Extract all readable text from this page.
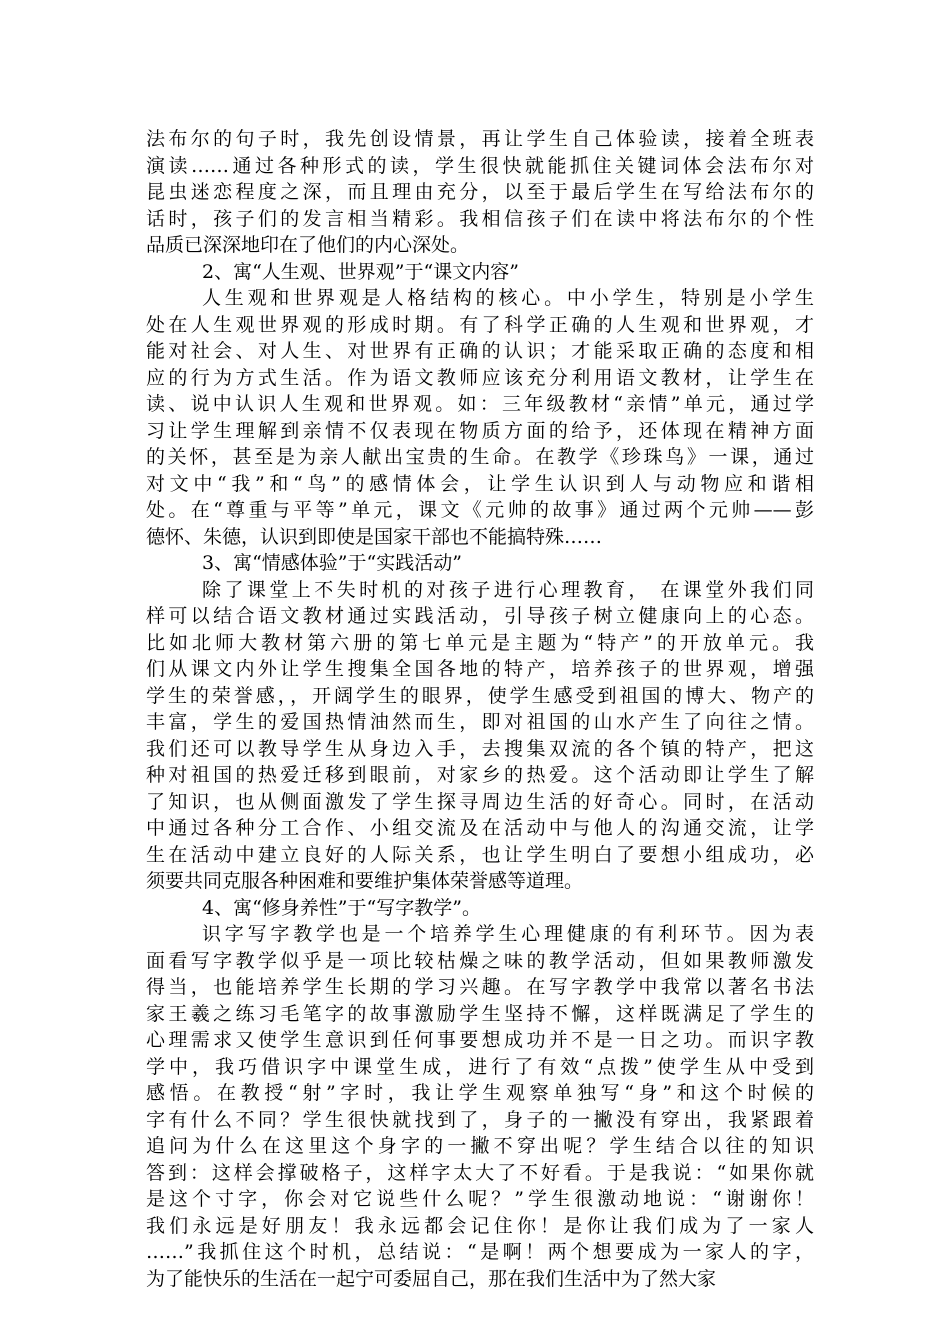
法布尔的句子时，我先创设情景，再让学生自己体验读，接着全班表
演读……通过各种形式的读，学生很快就能抓住关键词体会法布尔对
昆虫迷恋程度之深，而且理由充分，以至于最后学生在写给法布尔的
话时，孩子们的发言相当精彩。我相信孩子们在读中将法布尔的个性
品质已深深地印在了他们的内心深处。
2、寓“人生观、世界观”于“课文内容”
人生观和世界观是人格结构的核心。中小学生，特别是小学生
处在人生观世界观的形成时期。有了科学正确的人生观和世界观，才
能对社会、对人生、对世界有正确的认识；才能采取正确的态度和相
应的行为方式生活。作为语文教师应该充分利用语文教材，让学生在
读、说中认识人生观和世界观。如：三年级教材“亲情”单元，通过学
习让学生理解到亲情不仅表现在物质方面的给予，还体现在精神方面
的关怀，甚至是为亲人献出宝贵的生命。在教学《珍珠鸟》一课，通过
对文中“我”和“鸟”的感情体会，让学生认识到人与动物应和谐相
处。在“尊重与平等”单元，课文《元帅的故事》通过两个元帅——彭
德怀、朱德，认识到即使是国家干部也不能搞特殊……
3、寓“情感体验”于“实践活动”
除了课堂上不失时机的对孩子进行心理教育， 在课堂外我们同
样可以结合语文教材通过实践活动，引导孩子树立健康向上的心态。
比如北师大教材第六册的第七单元是主题为“特产”的开放单元。我
们从课文内外让学生搜集全国各地的特产，培养孩子的世界观，增强
学生的荣誉感，，开阔学生的眼界，使学生感受到祖国的博大、物产的
丰富，学生的爱国热情油然而生，即对祖国的山水产生了向往之情。
我们还可以教导学生从身边入手，去搜集双流的各个镇的特产，把这
种对祖国的热爱迁移到眼前，对家乡的热爱。这个活动即让学生了解
了知识，也从侧面激发了学生探寻周边生活的好奇心。同时，在活动
中通过各种分工合作、小组交流及在活动中与他人的沟通交流，让学
生在活动中建立良好的人际关系，也让学生明白了要想小组成功，必
须要共同克服各种困难和要维护集体荣誉感等道理。
4、寓“修身养性”于“写字教学”。
识字写字教学也是一个培养学生心理健康的有利环节。因为表
面看写字教学似乎是一项比较枯燥之味的教学活动，但如果教师激发
得当，也能培养学生长期的学习兴趣。在写字教学中我常以著名书法
家王羲之练习毛笔字的故事激励学生坚持不懈，这样既满足了学生的
心理需求又使学生意识到任何事要想成功并不是一日之功。而识字教
学中，我巧借识字中课堂生成，进行了有效“点拨”使学生从中受到
感悟。在教授“射”字时，我让学生观察单独写“身”和这个时候的
字有什么不同？学生很快就找到了，身子的一撇没有穿出，我紧跟着
追问为什么在这里这个身字的一撇不穿出呢？学生结合以往的知识
答到：这样会撑破格子，这样字太大了不好看。于是我说：“如果你就
是这个寸字，你会对它说些什么呢？”学生很激动地说：“谢谢你！
我们永远是好朋友！我永远都会记住你！是你让我们成为了一家人
……”我抓住这个时机，总结说：“是啊！两个想要成为一家人的字，
为了能快乐的生活在一起宁可委屈自己，那在我们生活中为了然大家
